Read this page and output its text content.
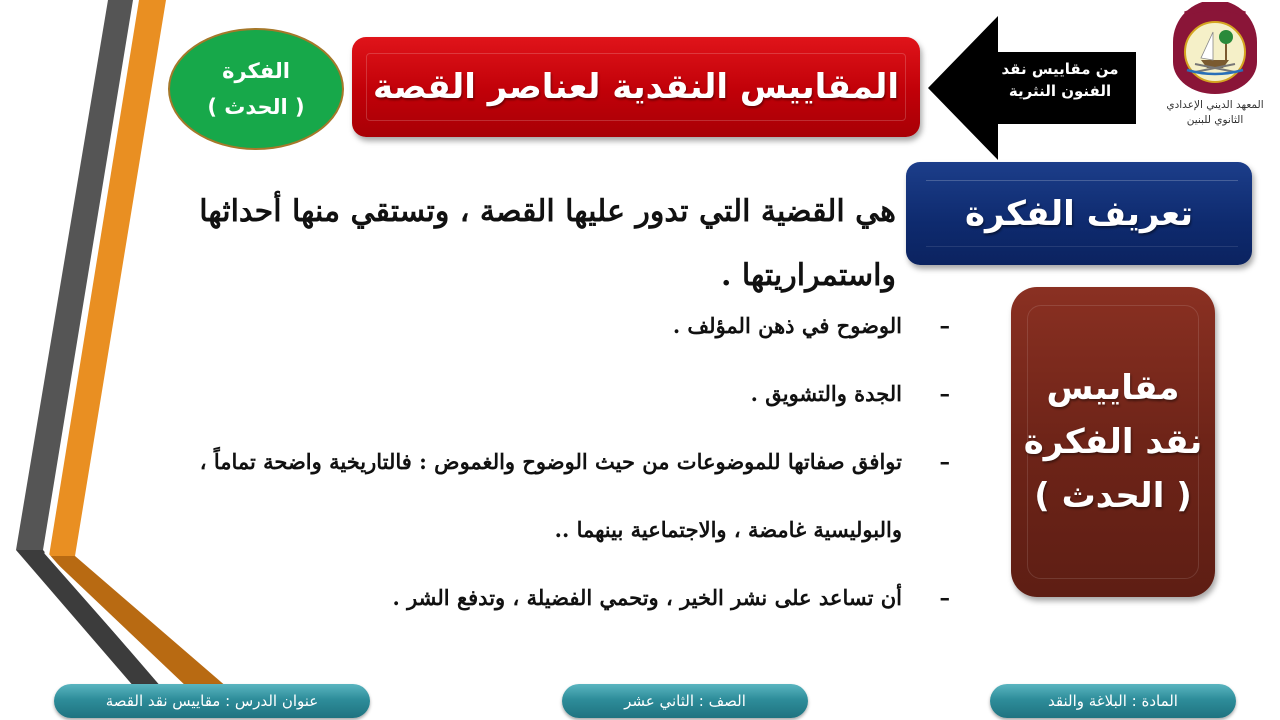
المعهد الديني الإعدادي
الثانوي للبنين
من مقاييس نقد
الفنون النثرية
المقاييس النقدية لعناصر القصة
الفكرة
( الحدث )
تعريف الفكرة
هي القضية التي تدور عليها القصة ، وتستقي منها أحداثها واستمراريتها .
–
الوضوح في ذهن المؤلف .
–
الجدة والتشويق .
–
توافق صفاتها للموضوعات من حيث الوضوح والغموض : فالتاريخية واضحة تماماً ،
والبوليسية غامضة ، والاجتماعية بينهما ..
–
أن تساعد على نشر الخير ، وتحمي الفضيلة ، وتدفع الشر .
مقاييس
نقد الفكرة
( الحدث )
عنوان الدرس : مقاييس نقد القصة	الصف : الثاني عشر	المادة : البلاغة والنقد
